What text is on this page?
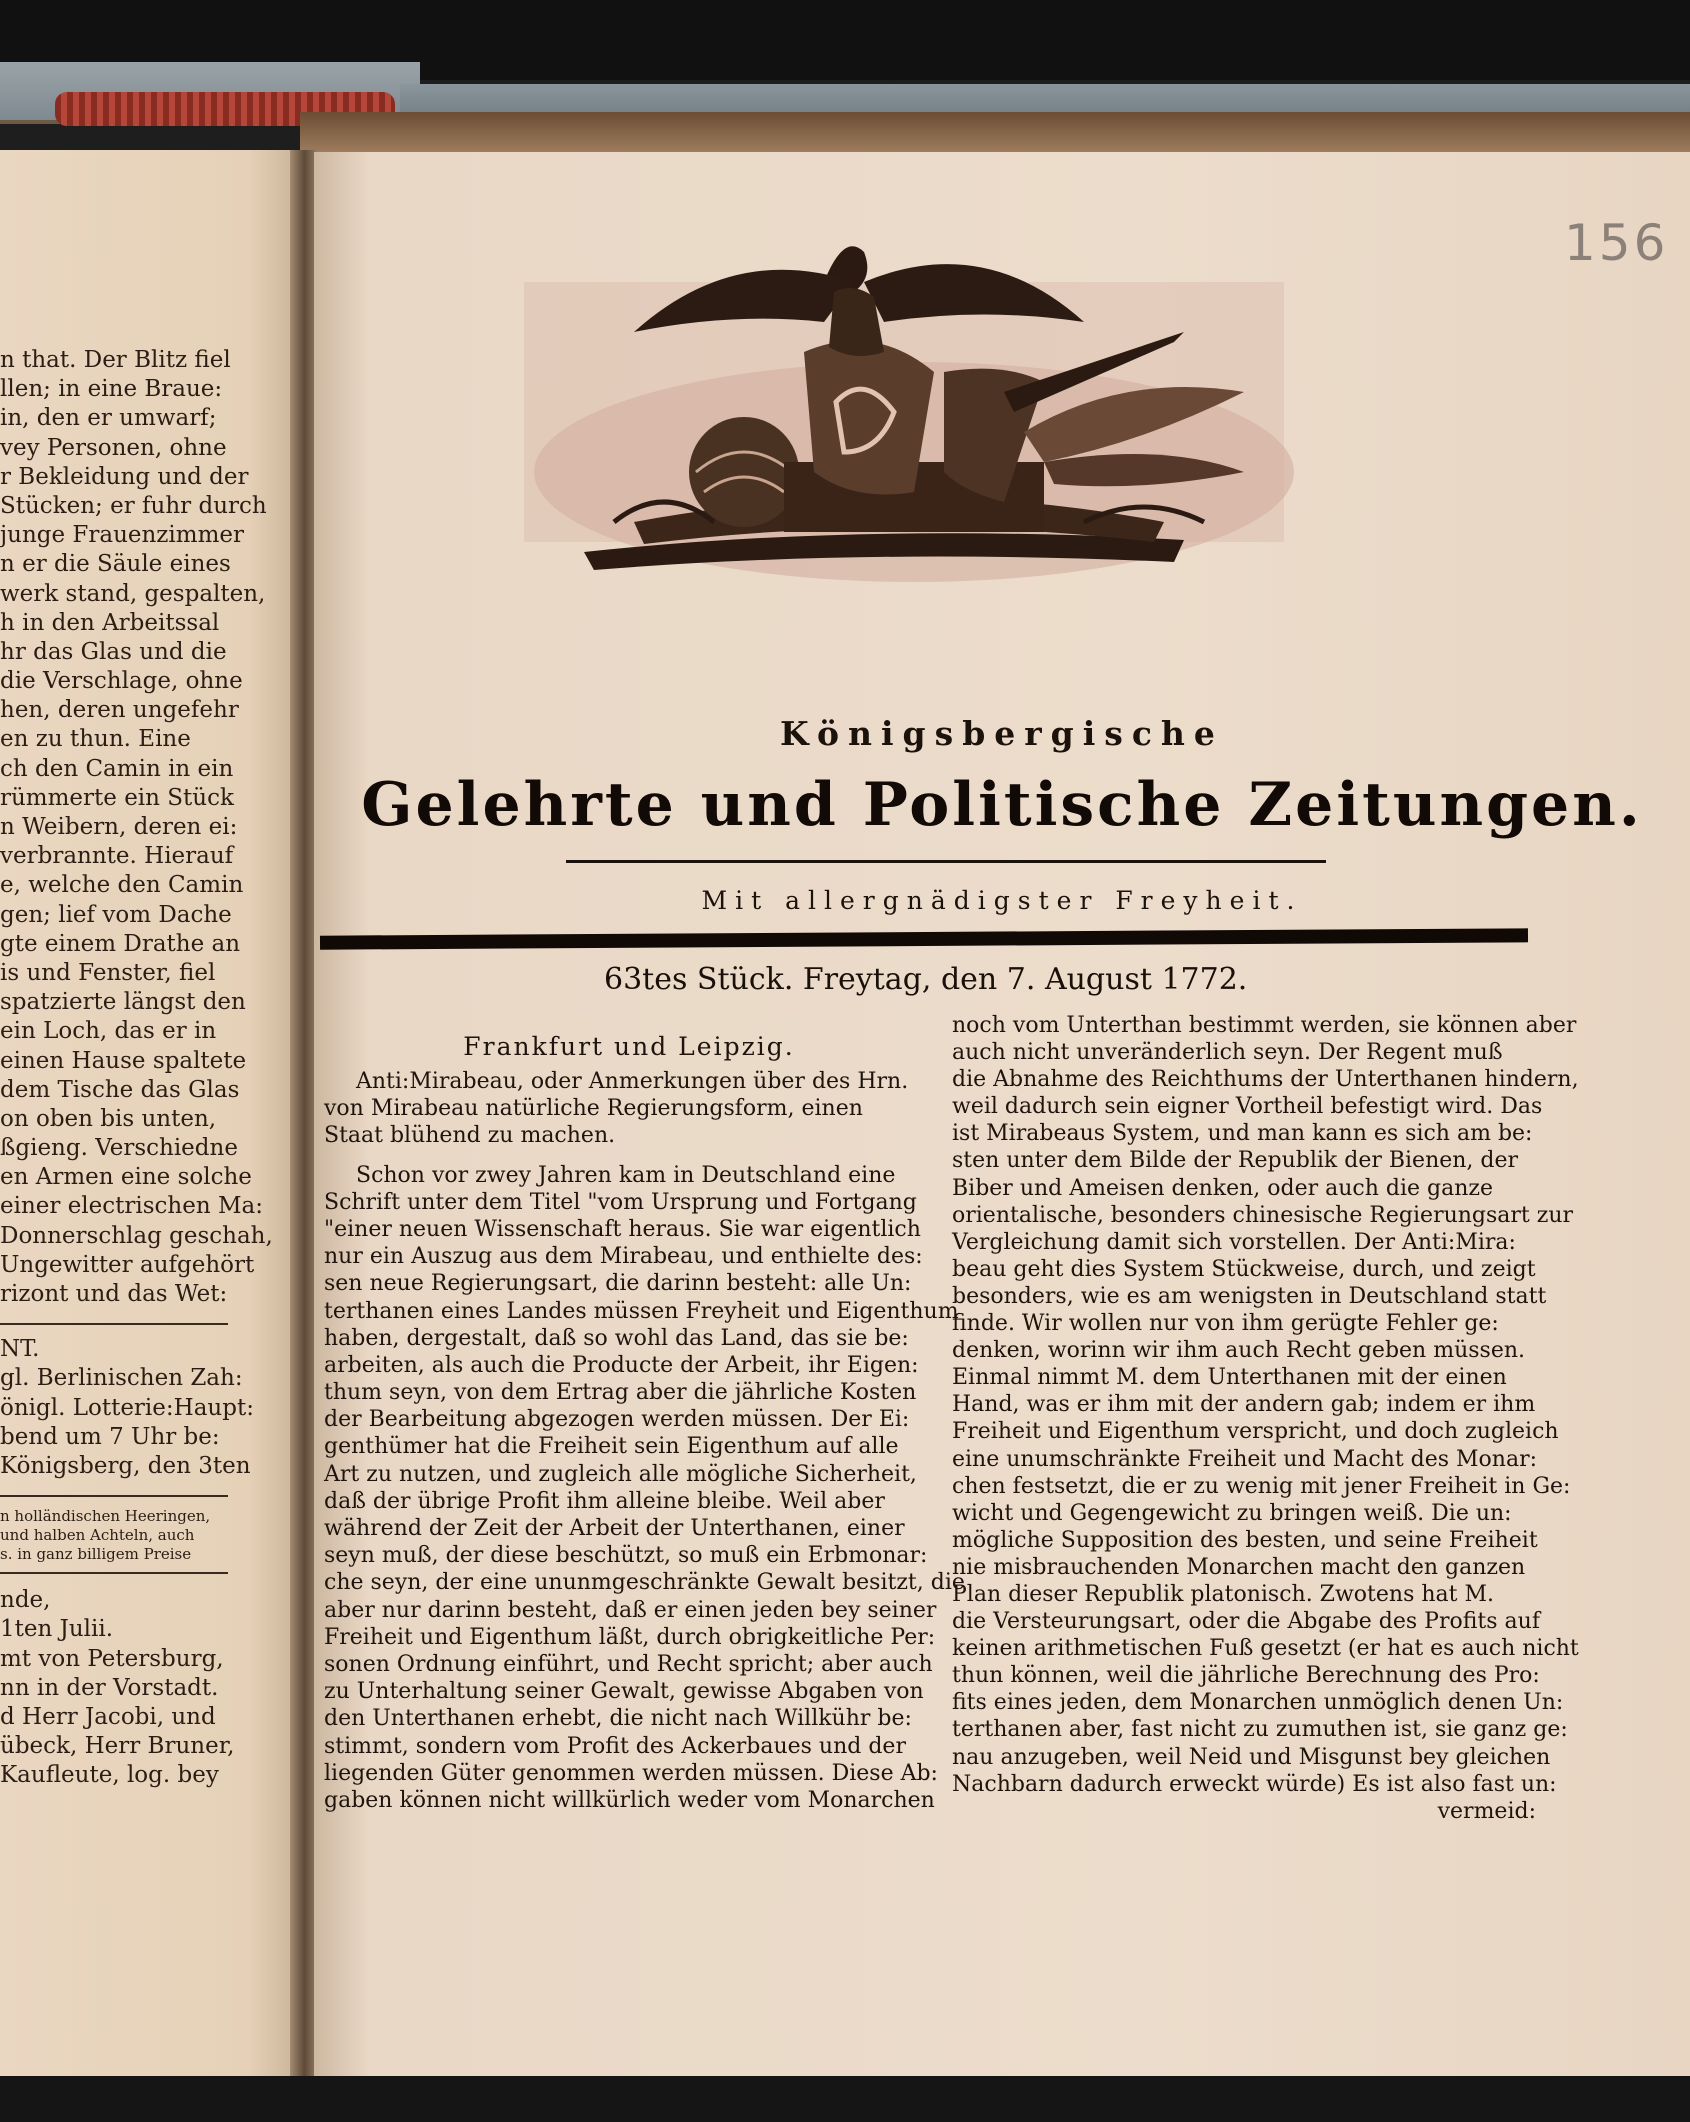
n that. Der Blitz fiel
llen; in eine Braue:
in, den er umwarf;
vey Personen, ohne
r Bekleidung und der
Stücken; er fuhr durch
junge Frauenzimmer
n er die Säule eines
werk stand, gespalten,
h in den Arbeitssal
hr das Glas und die
die Verschlage, ohne
hen, deren ungefehr
en zu thun. Eine
ch den Camin in ein
rümmerte ein Stück
n Weibern, deren ei:
verbrannte. Hierauf
e, welche den Camin
gen; lief vom Dache
gte einem Drathe an
is und Fenster, fiel
spatzierte längst den
ein Loch, das er in
einen Hause spaltete
dem Tische das Glas
on oben bis unten,
ßgieng. Verschiedne
en Armen eine solche
einer electrischen Ma:
Donnerschlag geschah,
Ungewitter aufgehört
rizont und das Wet:
NT.
gl. Berlinischen Zah:
önigl. Lotterie:Haupt:
bend um 7 Uhr be:
Königsberg, den 3ten
n holländischen Heeringen,
und halben Achteln, auch
s. in ganz billigem Preise
nde,
1ten Julii.
mt von Petersburg,
nn in der Vorstadt.
d Herr Jacobi, und
übeck, Herr Bruner,
Kaufleute, log. bey
156
Königsbergische
Gelehrte und Politische Zeitungen.
Mit allergnädigster Freyheit.
63tes Stück. Freytag, den 7. August 1772.
Frankfurt und Leipzig.
Anti:Mirabeau, oder Anmerkungen über des Hrn.
von Mirabeau natürliche Regierungsform, einen
Staat blühend zu machen.
Schon vor zwey Jahren kam in Deutschland eine
Schrift unter dem Titel "vom Ursprung und Fortgang
"einer neuen Wissenschaft heraus. Sie war eigentlich
nur ein Auszug aus dem Mirabeau, und enthielte des:
sen neue Regierungsart, die darinn besteht: alle Un:
terthanen eines Landes müssen Freyheit und Eigenthum
haben, dergestalt, daß so wohl das Land, das sie be:
arbeiten, als auch die Producte der Arbeit, ihr Eigen:
thum seyn, von dem Ertrag aber die jährliche Kosten
der Bearbeitung abgezogen werden müssen. Der Ei:
genthümer hat die Freiheit sein Eigenthum auf alle
Art zu nutzen, und zugleich alle mögliche Sicherheit,
daß der übrige Profit ihm alleine bleibe. Weil aber
während der Zeit der Arbeit der Unterthanen, einer
seyn muß, der diese beschützt, so muß ein Erbmonar:
che seyn, der eine ununmgeschränkte Gewalt besitzt, die
aber nur darinn besteht, daß er einen jeden bey seiner
Freiheit und Eigenthum läßt, durch obrigkeitliche Per:
sonen Ordnung einführt, und Recht spricht; aber auch
zu Unterhaltung seiner Gewalt, gewisse Abgaben von
den Unterthanen erhebt, die nicht nach Willkühr be:
stimmt, sondern vom Profit des Ackerbaues und der
liegenden Güter genommen werden müssen. Diese Ab:
gaben können nicht willkürlich weder vom Monarchen
noch vom Unterthan bestimmt werden, sie können aber
auch nicht unveränderlich seyn. Der Regent muß
die Abnahme des Reichthums der Unterthanen hindern,
weil dadurch sein eigner Vortheil befestigt wird. Das
ist Mirabeaus System, und man kann es sich am be:
sten unter dem Bilde der Republik der Bienen, der
Biber und Ameisen denken, oder auch die ganze
orientalische, besonders chinesische Regierungsart zur
Vergleichung damit sich vorstellen. Der Anti:Mira:
beau geht dies System Stückweise, durch, und zeigt
besonders, wie es am wenigsten in Deutschland statt
finde. Wir wollen nur von ihm gerügte Fehler ge:
denken, worinn wir ihm auch Recht geben müssen.
Einmal nimmt M. dem Unterthanen mit der einen
Hand, was er ihm mit der andern gab; indem er ihm
Freiheit und Eigenthum verspricht, und doch zugleich
eine unumschränkte Freiheit und Macht des Monar:
chen festsetzt, die er zu wenig mit jener Freiheit in Ge:
wicht und Gegengewicht zu bringen weiß. Die un:
mögliche Supposition des besten, und seine Freiheit
nie misbrauchenden Monarchen macht den ganzen
Plan dieser Republik platonisch. Zwotens hat M.
die Versteurungsart, oder die Abgabe des Profits auf
keinen arithmetischen Fuß gesetzt (er hat es auch nicht
thun können, weil die jährliche Berechnung des Pro:
fits eines jeden, dem Monarchen unmöglich denen Un:
terthanen aber, fast nicht zu zumuthen ist, sie ganz ge:
nau anzugeben, weil Neid und Misgunst bey gleichen
Nachbarn dadurch erweckt würde) Es ist also fast un:
vermeid:
